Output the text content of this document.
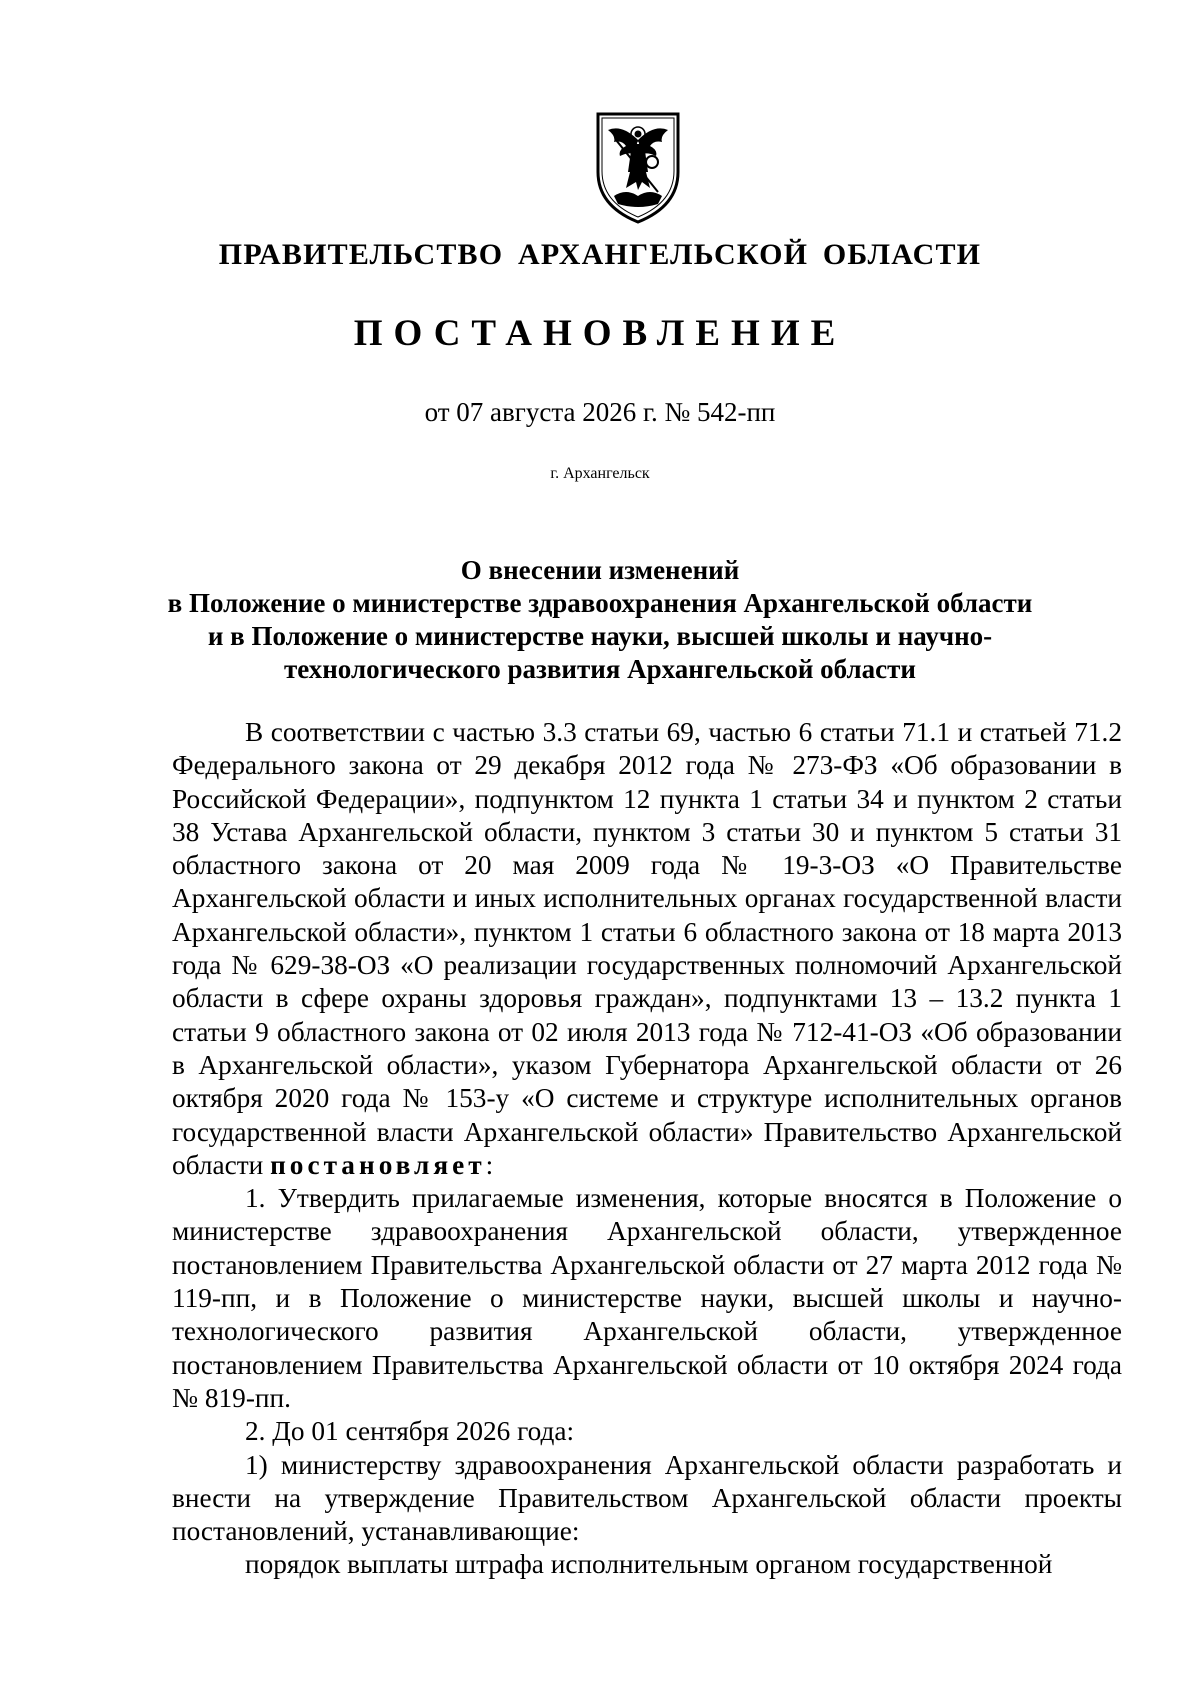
ПРАВИТЕЛЬСТВО АРХАНГЕЛЬСКОЙ ОБЛАСТИ
ПОСТАНОВЛЕНИЕ
от 07 августа 2026 г. № 542-пп
г. Архангельск
О внесении изменений
в Положение о министерстве здравоохранения Архангельской области
и в Положение о министерстве науки, высшей школы и научно-
технологического развития Архангельской области

В соответствии с частью 3.3 статьи 69, частью 6 статьи 71.1 и статьей 71.2 Федерального закона от 29 декабря 2012 года № 273-ФЗ «Об образовании в Российской Федерации», подпунктом 12 пункта 1 статьи 34 и пунктом 2 статьи 38 Устава Архангельской области, пунктом 3 статьи 30 и пунктом 5 статьи 31 областного закона от 20 мая 2009 года № 19-3-ОЗ «О Правительстве Архангельской области и иных исполнительных органах государственной власти Архангельской области», пунктом 1 статьи 6 областного закона от 18 марта 2013 года № 629-38-ОЗ «О реализации государственных полномочий Архангельской области в сфере охраны здоровья граждан», подпунктами 13 – 13.2 пункта 1 статьи 9 областного закона от 02 июля 2013 года № 712-41-ОЗ «Об образовании в Архангельской области», указом Губернатора Архангельской области от 26 октября 2020 года № 153-у «О системе и структуре исполнительных органов государственной власти Архангельской области» Правительство Архангельской области постановляет:

1. Утвердить прилагаемые изменения, которые вносятся в Положение о министерстве здравоохранения Архангельской области, утвержденное постановлением Правительства Архангельской области от 27 марта 2012 года № 119-пп, и в Положение о министерстве науки, высшей школы и научно-технологического развития Архангельской области, утвержденное постановлением Правительства Архангельской области от 10 октября 2024 года № 819-пп.

2. До 01 сентября 2026 года:

1) министерству здравоохранения Архангельской области разработать и внести на утверждение Правительством Архангельской области проекты постановлений, устанавливающие:

порядок выплаты штрафа исполнительным органом государственной
